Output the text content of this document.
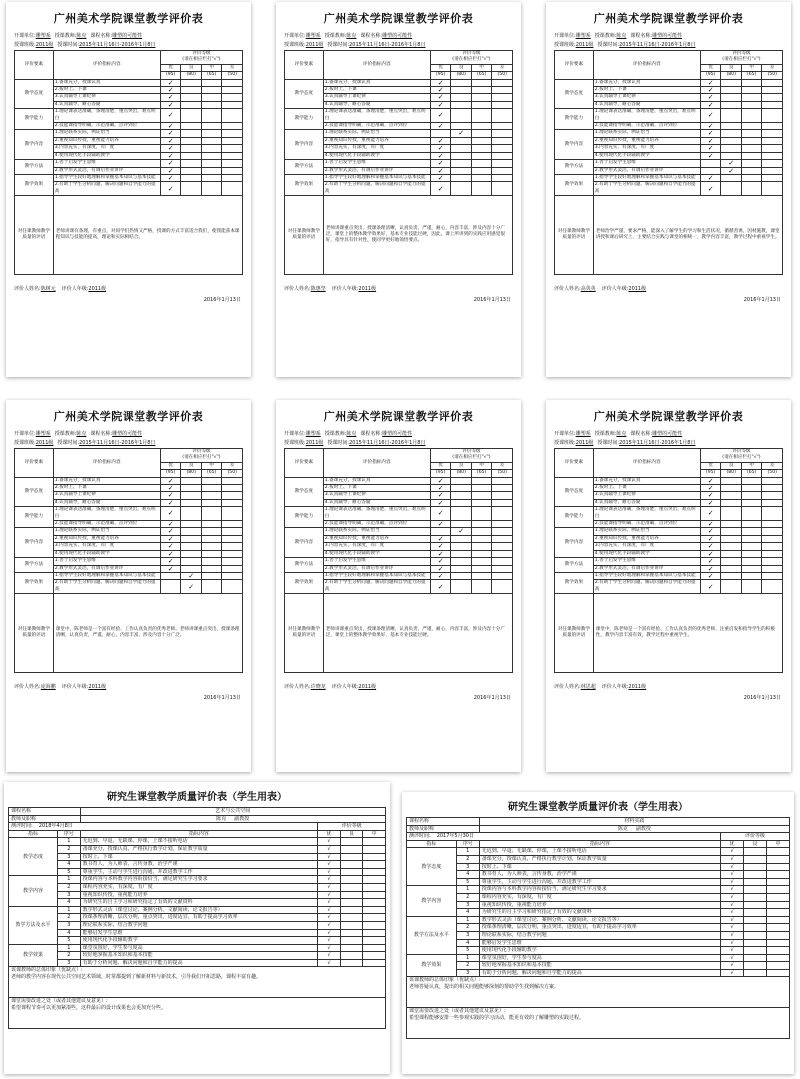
广州美术学院课堂教学评价表
开课单位:雕塑系 授课教师:陈克 课程名称:雕塑的可能性
授课班级:2011级 授课时间:2015年11月16日-2016年1月8日
评价要素	评价指标内容	评价等级
(请在相应栏打"√")			

		优	良	中	差
		(95)	(80)	(65)	(50)
教学态度	1.备课充分，授课认真	✓			
	2.按时上、下课	✓			
	3.认真辅导上课纪律	✓			
	4.认真辅导，耐心答疑	✓			
教学能力	1.理论课表达准确，条理清楚，重点突出，难点明白	✓			
	2.技能课指导明确，示范准确，点评到位	✓			
教学内容	1.理论联系实际，例证恰当	✓			
	2.重视知识传授，重视能力培养	✓			
	3.内容充实，有深度，有广度	✓			
	4.使用现代化手段辅助教学	✓			
教学方法	1.善于启发学生思维	✓			
	2.教学形式灵活，有调后作业讲评	✓			
教学效果	1.指导学生较好地理解和掌握基本知识与基本技能	✓			
	2.有助于学生分析问题、解决问题和自学能力的提高	✓			
对任课教师教学质量的评语	老师讲课有条理，有重点，对同学们热情又严格，授课的方式丰富适合我们，使我能获本课程知识与技能的提高，理论和实际相结合。				
评价人姓名:陈树元 评价人年级:2011级
2016年1月13日
广州美术学院课堂教学评价表
开课单位:雕塑系 授课教师:陈克 课程名称:雕塑的可能性
授课班级:2011级 授课时间:2015年11月16日-2016年1月8日
评价要素	评价指标内容	评价等级
(请在相应栏打"√")			

		优	良	中	差
		(95)	(80)	(65)	(50)
教学态度	1.备课充分，授课认真	✓			
	2.按时上、下课	✓			
	3.认真辅导上课纪律	✓			
	4.认真辅导，耐心答疑	✓			
教学能力	1.理论课表达准确，条理清楚，重点突出，难点明白	✓			
	2.技能课指导明确，示范准确，点评到位	✓			
教学内容	1.理论联系实际，例证恰当		✓		
	2.重视知识传授，重视能力培养	✓			
	3.内容充实，有深度，有广度	✓			
	4.使用现代化手段辅助教学	✓			
教学方法	1.善于启发学生思维	✓			
	2.教学形式灵活，有调后作业讲评	✓			
教学效果	1.指导学生较好地理解和掌握基本知识与基本技能	✓			
	2.有助于学生分析问题、解决问题和自学能力的提高	✓			
对任课教师教学质量的评语	老师讲课重点突出，授课条理清晰，认真负责，严谨，耐心，内容丰富，涉及内容十分广泛，课堂上的整体教学效果好，基本专业技能过硬，因此，课上所讲到的实践应用感觉很好，指导具有针对性，使同学更好地领悟要点。				
评价人姓名:陈惠坚 评价人年级:2011级
2016年1月13日
广州美术学院课堂教学评价表
开课单位:雕塑系 授课教师:陈克 课程名称:雕塑的可能性
授课班级:2011级 授课时间:2015年11月16日-2016年1月8日
评价要素	评价指标内容	评价等级
(请在相应栏打"√")			

		优	良	中	差
		(95)	(80)	(65)	(50)
教学态度	1.备课充分，授课认真	✓			
	2.按时上、下课	✓			
	3.认真辅导上课纪律	✓			
	4.认真辅导，耐心答疑	✓			
教学能力	1.理论课表达准确，条理清楚，重点突出，难点明白	✓			
	2.技能课指导明确，示范准确，点评到位	✓			
教学内容	1.理论联系实际，例证恰当	✓			
	2.重视知识传授，重视能力培养	✓			
	3.内容充实，有深度，有广度	✓			
	4.使用现代化手段辅助教学	✓			
教学方法	1.善于启发学生思维		✓		
	2.教学形式灵活，有调后作业讲评		✓		
教学效果	1.指导学生较好地理解和掌握基本知识与基本技能	✓			
	2.有助于学生分析问题、解决问题和自学能力的提高	✓			
对任课教师教学质量的评语	老师治学严谨，要求严格，能深入了解学生的学习和生活状况，循循善诱，因材施教，课堂讲授和课后研究上，主要结合实践与课堂的相统一，教学内容丰富，教学过程中重视学生。				
评价人姓名:高英英 评价人年级:2011级
2016年1月13日
广州美术学院课堂教学评价表
开课单位:雕塑系 授课教师:陈克 课程名称:雕塑的可能性
授课班级:2011级 授课时间:2015年11月16日-2016年1月8日
评价要素	评价指标内容	评价等级
(请在相应栏打"√")			

		优	良	中	差
		(95)	(80)	(65)	(50)
教学态度	1.备课充分，授课认真	✓			
	2.按时上、下课	✓			
	3.认真辅导上课纪律	✓			
	4.认真辅导，耐心答疑	✓			
教学能力	1.理论课表达准确，条理清楚，重点突出，难点明白	✓			
	2.技能课指导明确，示范准确，点评到位	✓			
教学内容	1.理论联系实际，例证恰当	✓			
	2.重视知识传授，重视能力培养	✓			
	3.内容充实，有深度，有广度	✓			
	4.使用现代化手段辅助教学	✓			
教学方法	1.善于启发学生思维	✓			
	2.教学形式灵活，有调后作业讲评	✓			
教学效果	1.指导学生较好地理解和掌握基本知识与基本技能		✓		
	2.有助于学生分析问题、解决问题和自学能力的提高		✓		
对任课教师教学质量的评语	课堂中，陈老师是一个富有经验、工作认真负责的优秀老师。老师讲课重点突出，授课条理清晰，认真负责，严谨，耐心，内容丰富，涉及内容十分广泛。				
评价人姓名:庞海鹏 评价人年级:2011级
2016年1月13日
广州美术学院课堂教学评价表
开课单位:雕塑系 授课教师:陈克 课程名称:雕塑的可能性
授课班级:2011级 授课时间:2015年11月16日-2016年1月8日
评价要素	评价指标内容	评价等级
(请在相应栏打"√")			

		优	良	中	差
		(95)	(80)	(65)	(50)
教学态度	1.备课充分，授课认真	✓			
	2.按时上、下课	✓			
	3.认真辅导上课纪律	✓			
	4.认真辅导，耐心答疑	✓			
教学能力	1.理论课表达准确，条理清楚，重点突出，难点明白	✓			
	2.技能课指导明确，示范准确，点评到位	✓			
教学内容	1.理论联系实际，例证恰当		✓		
	2.重视知识传授，重视能力培养	✓			
	3.内容充实，有深度，有广度	✓			
	4.使用现代化手段辅助教学	✓			
教学方法	1.善于启发学生思维	✓			
	2.教学形式灵活，有调后作业讲评	✓			
教学效果	1.指导学生较好地理解和掌握基本知识与基本技能	✓			
	2.有助于学生分析问题、解决问题和自学能力的提高	✓			
对任课教师教学质量的评语	老师讲课重点突出，授课条理清晰，认真负责，严谨，耐心，内容丰富，涉及内容十分广泛，课堂上的整体教学效果好，基本专业技能过硬。				
评价人姓名:许晓龙 评价人年级:2011级
2016年1月13日
广州美术学院课堂教学评价表
开课单位:雕塑系 授课教师:陈克 课程名称:雕塑的可能性
授课班级:2011级 授课时间:2015年11月16日-2016年1月8日
评价要素	评价指标内容	评价等级
(请在相应栏打"√")			

		优	良	中	差
		(95)	(80)	(65)	(50)
教学态度	1.备课充分，授课认真	✓			
	2.按时上、下课	✓			
	3.认真辅导上课纪律	✓			
	4.认真辅导，耐心答疑	✓			
教学能力	1.理论课表达准确，条理清楚，重点突出，难点明白	✓			
	2.技能课指导明确，示范准确，点评到位	✓			
教学内容	1.理论联系实际，例证恰当	✓			
	2.重视知识传授，重视能力培养	✓			
	3.内容充实，有深度，有广度	✓			
	4.使用现代化手段辅助教学	✓			
教学方法	1.善于启发学生思维	✓			
	2.教学形式灵活，有调后作业讲评	✓			
教学效果	1.指导学生较好地理解和掌握基本知识与基本技能	✓			
	2.有助于学生分析问题、解决问题和自学能力的提高	✓			
对任课教师教学质量的评语	课堂中，陈老师是一个富有经验、工作认真负责的优秀老师，注重启发和指导学生的积极性，教学内容丰富有效，教学过程中重视学生。				
评价人姓名:林思超 评价人年级:2011级
2016年1月13日
研究生课堂教学质量评价表（学生用表）
课程名称		艺术与公共空间			
教师及职称		陈克 副教授			
测评时间: 2018年4月8日			评价等级		
指标	序号	指标内容	优	良	中
教学态度	1	无迟到、早退、无缺课、停课，上课不接听电话	√		
	2	备课充分，授课认真，严格执行教学计划，保证教学质量	√		
	3	按时上、下课	√		
	4	教书育人，为人师表，言传身教，治学严谨	√		
	5	尊重学生，主动与学生进行沟通，并改进教学工作	√		
教学内容	1	授课内容与本科教学内容衔接恰当，满足研究生学习要求	√		
	2	课程内容充实，有深度，有广度	√		
	3	重视知识传授，重视能力培养	√		
	4	为研究生的自主学习和研究指定了有效的文献资料	√		
教学方法及水平	1	教学形式灵活（课堂讨论、案例分析、文献阅读、论文报告等）	√		
	2	授课条理清晰，层次分明，重点突出，进度适宜，有助于提高学习效率	√		
	3	理论联系实际，结合教学问题	√		
	4	能够启发学生思维	√		
	5	使用现代化手段辅助教学	√		
教学效果	1	课堂氛围好，学生参与度高	√		
	2	较好地掌握基本知识和基本技能	√		
	3	有助于分析问题、解决问题和自学能力的提高	√		
该课教师的总体印象（优缺点）:
老师的教学内容在现代公共空间艺术领域，时常都提到了解新材料与新技术，引导我们开拓思路，课程丰富有趣。
课堂需要改进之处（或者其他建议及意见）:
希望课程节奏可以更加紧凑些，这样最后的设计成果也会更加充分些。
研究生课堂教学质量评价表（学生用表）
课程名称		材料实践			
教师及职称		陈克 副教授			
测评时间: 2017年5月30日			评价等级		
指标	序号	指标内容	优	良	中
教学态度	1	无迟到、早退、无缺课、停课，上课不接听电话	√		
	2	备课充分，授课认真，严格执行教学计划，保证教学质量	√		
	3	按时上、下课	√		
	4	教书育人，为人师表，言传身教，治学严谨	√		
	5	尊重学生，主动与学生进行沟通，并改进教学工作	√		
教学内容	1	授课内容与本科教学内容衔接恰当，满足研究生学习要求	√		
	2	课程内容充实，有深度，有广度	√		
	3	重视知识传授，重视能力培养	√		
	4	为研究生的自主学习和研究指定了有效的文献资料	√		
教学方法及水平	1	教学形式灵活（课堂讨论、案例分析、文献阅读、论文报告等）	√		
	2	授课条理清晰，层次分明，重点突出，进度适宜，有助于提高学习效率	√		
	3	理论联系实际，结合教学问题	√		
	4	能够启发学生思维	√		
	5	使用现代化手段辅助教学	√		
教学效果	1	课堂氛围好，学生参与度高	√		
	2	较好地掌握基本知识和基本技能	√		
	3	有助于分析问题、解决问题和自学能力的提高	√		
该课教师的总体印象（优缺点）:
老师答疑认真，提出的相关问题能够深刻的帮助学生找到解决方案。
课堂需要改进之处（或者其他建议及意见）:
希望课程能够安排一些参观实践的学习活动，能更有效的了解雕塑的实践过程。
